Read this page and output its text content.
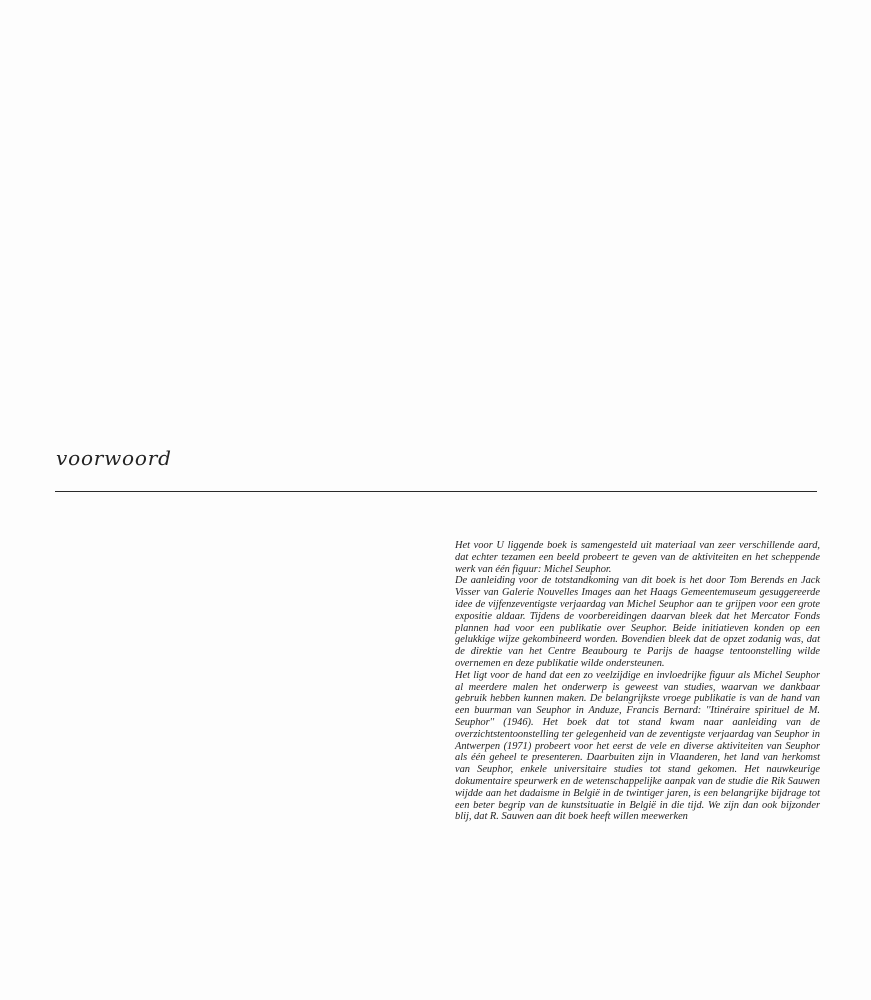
voorwoord

Het voor U liggende boek is samengesteld uit materiaal van zeer verschillende aard, dat echter tezamen een beeld probeert te geven van de aktiviteiten en het scheppende werk van één figuur: Michel Seuphor.

De aanleiding voor de totstandkoming van dit boek is het door Tom Berends en Jack Visser van Galerie Nouvelles Images aan het Haags Gemeentemuseum gesuggereerde idee de vijfenzeventigste verjaardag van Michel Seuphor aan te grijpen voor een grote expositie aldaar. Tijdens de voorbereidingen daarvan bleek dat het Mercator Fonds plannen had voor een publikatie over Seuphor. Beide initiatieven konden op een gelukkige wijze gekombineerd worden. Bovendien bleek dat de opzet zodanig was, dat de direktie van het Centre Beaubourg te Parijs de haagse tentoonstelling wilde overnemen en deze publikatie wilde ondersteunen.

Het ligt voor de hand dat een zo veelzijdige en invloedrijke figuur als Michel Seuphor al meerdere malen het onderwerp is geweest van studies, waarvan we dankbaar gebruik hebben kunnen maken. De belangrijkste vroege publikatie is van de hand van een buurman van Seuphor in Anduze, Francis Bernard: ''Itinéraire spirituel de M. Seuphor'' (1946). Het boek dat tot stand kwam naar aanleiding van de overzichtstentoonstelling ter gelegenheid van de zeventigste verjaardag van Seuphor in Antwerpen (1971) probeert voor het eerst de vele en diverse aktiviteiten van Seuphor als één geheel te presenteren. Daarbuiten zijn in Vlaanderen, het land van herkomst van Seuphor, enkele universitaire studies tot stand gekomen. Het nauwkeurige dokumentaire speurwerk en de wetenschappelijke aanpak van de studie die Rik Sauwen wijdde aan het dadaisme in België in de twintiger jaren, is een belangrijke bijdrage tot een beter begrip van de kunstsituatie in België in die tijd. We zijn dan ook bijzonder blij, dat R. Sauwen aan dit boek heeft willen meewerken
